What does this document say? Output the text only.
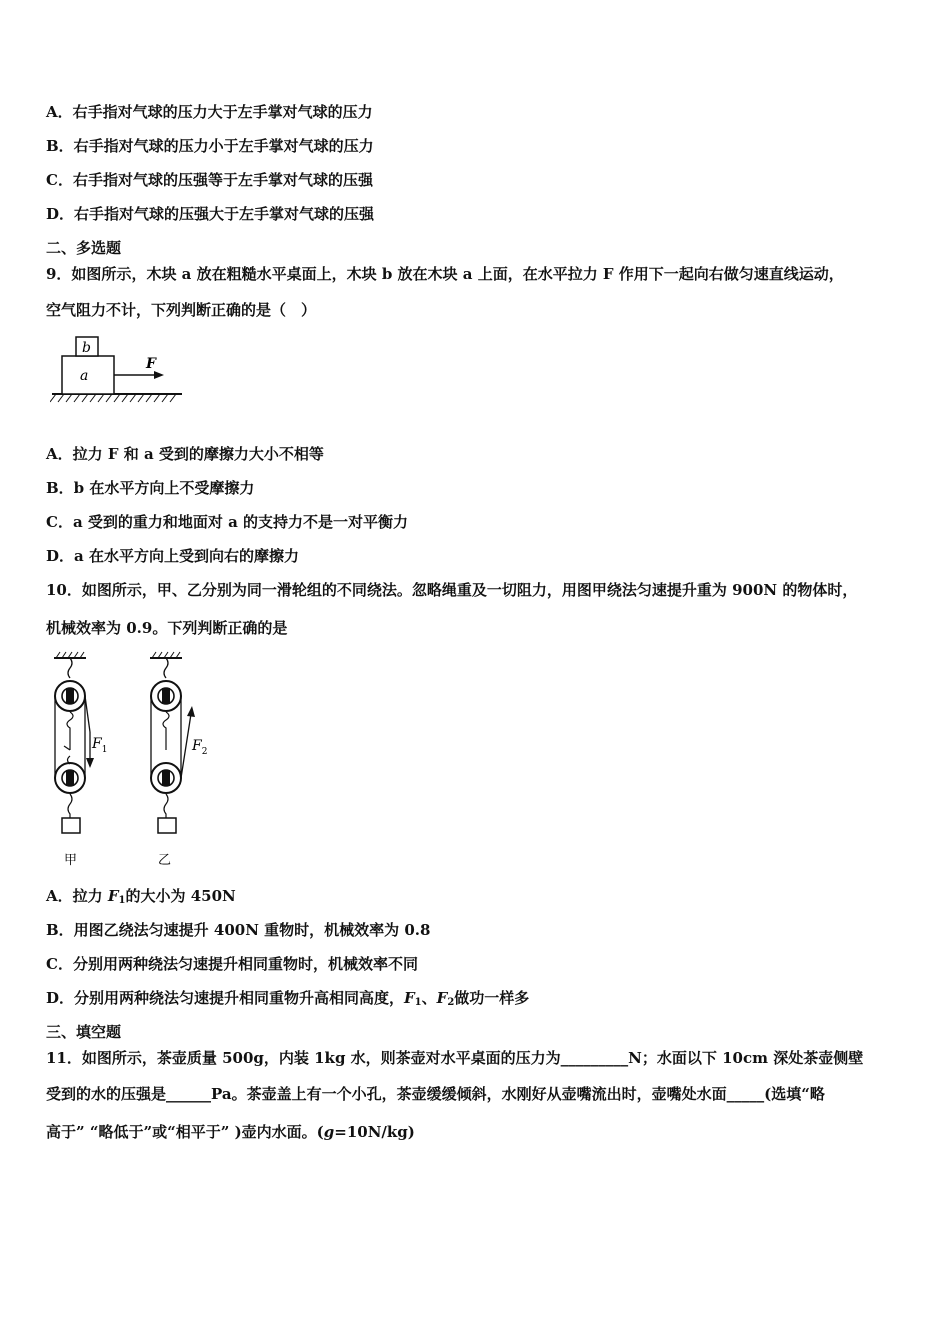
A．右手指对气球的压力大于左手掌对气球的压力
B．右手指对气球的压力小于左手掌对气球的压力
C．右手指对气球的压强等于左手掌对气球的压强
D．右手指对气球的压强大于左手掌对气球的压强
二、多选题
9．如图所示，木块 a 放在粗糙水平桌面上，木块 b 放在木块 a 上面，在水平拉力 F 作用下一起向右做匀速直线运动，
空气阻力不计，下列判断正确的是（　）
b
a
F
A．拉力 F 和 a 受到的摩擦力大小不相等
B．b 在水平方向上不受摩擦力
C．a 受到的重力和地面对 a 的支持力不是一对平衡力
D．a 在水平方向上受到向右的摩擦力
10．如图所示，甲、乙分别为同一滑轮组的不同绕法。忽略绳重及一切阻力，用图甲绕法匀速提升重为 900N 的物体时，
机械效率为 0.9。下列判断正确的是
$F_1$
甲
$F_2$
乙
A．拉力 $F_1$的大小为 450N
B．用图乙绕法匀速提升 400N 重物时，机械效率为 0.8
C．分别用两种绕法匀速提升相同重物时，机械效率不同
D．分别用两种绕法匀速提升相同重物升高相同高度，$F_1$、$F_2$做功一样多
三、填空题
11．如图所示，茶壶质量 500g，内装 1kg 水，则茶壶对水平桌面的压力为_________N；水面以下 10cm 深处茶壶侧壁
受到的水的压强是______Pa。茶壶盖上有一个小孔，茶壶缓缓倾斜，水刚好从壶嘴流出时，壶嘴处水面_____(选填“略
高于” “略低于”或“相平于” )壶内水面。(g=10N/kg)
